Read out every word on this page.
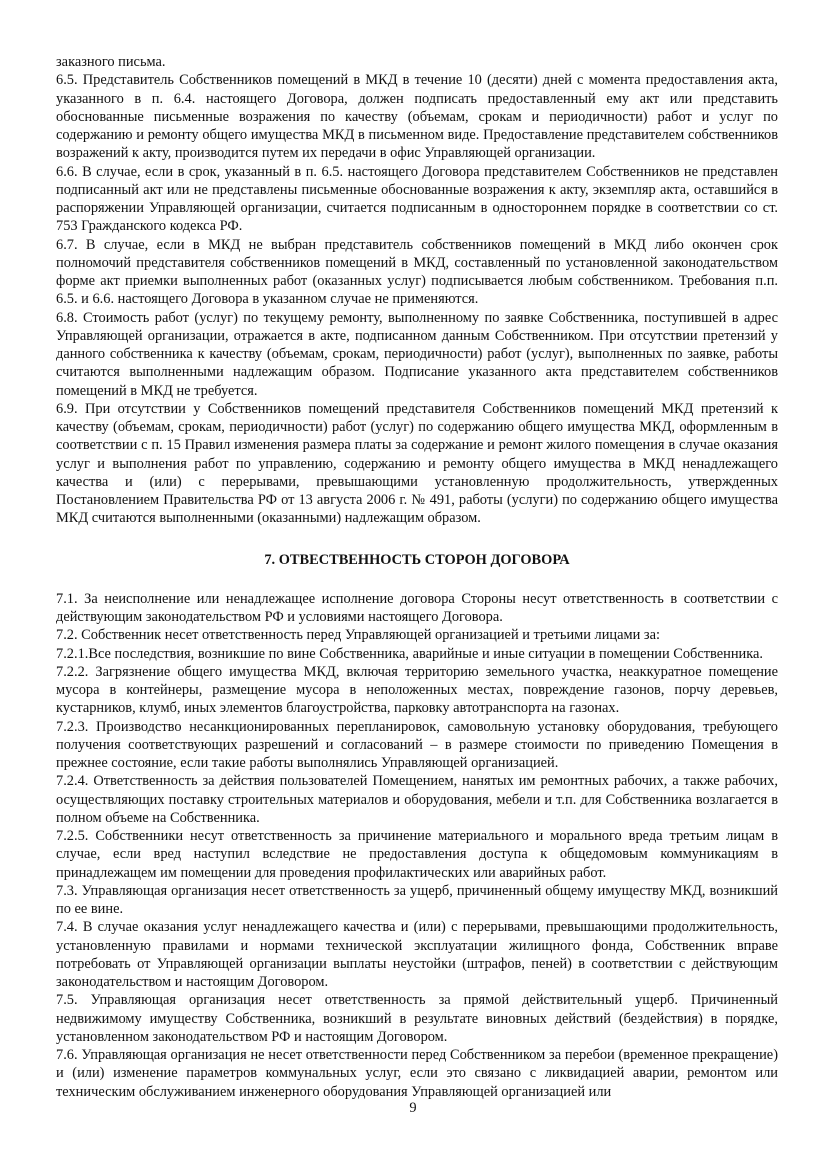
заказного письма.

6.5. Представитель Собственников помещений в МКД в течение 10 (десяти) дней с момента предоставления акта, указанного в п. 6.4. настоящего Договора, должен подписать предоставленный ему акт или представить обоснованные письменные возражения по качеству (объемам, срокам и периодичности) работ и услуг по содержанию и ремонту общего имущества МКД в письменном виде. Предоставление представителем собственников возражений к акту, производится путем их передачи в офис Управляющей организации.

6.6. В случае, если в срок, указанный в п. 6.5. настоящего Договора представителем Собственников не представлен подписанный акт или не представлены письменные обоснованные возражения к акту, экземпляр акта, оставшийся в распоряжении Управляющей организации, считается подписанным в одностороннем порядке в соответствии со ст. 753 Гражданского кодекса РФ.

6.7. В случае, если в МКД не выбран представитель собственников помещений в МКД либо окончен срок полномочий представителя собственников помещений в МКД, составленный по установленной законодательством форме акт приемки выполненных работ (оказанных услуг) подписывается любым собственником. Требования п.п. 6.5. и 6.6. настоящего Договора в указанном случае не применяются.

6.8. Стоимость работ (услуг) по текущему ремонту, выполненному по заявке Собственника, поступившей в адрес Управляющей организации, отражается в акте, подписанном данным Собственником. При отсутствии претензий у данного собственника к качеству (объемам, срокам, периодичности) работ (услуг), выполненных по заявке, работы считаются выполненными надлежащим образом. Подписание указанного акта представителем собственников помещений в МКД не требуется.

6.9. При отсутствии у Собственников помещений представителя Собственников помещений МКД претензий к качеству (объемам, срокам, периодичности) работ (услуг) по содержанию общего имущества МКД, оформленным в соответствии с п. 15 Правил изменения размера платы за содержание и ремонт жилого помещения в случае оказания услуг и выполнения работ по управлению, содержанию и ремонту общего имущества в МКД ненадлежащего качества и (или) с перерывами, превышающими установленную продолжительность, утвержденных Постановлением Правительства РФ от 13 августа 2006 г. № 491, работы (услуги) по содержанию общего имущества МКД считаются выполненными (оказанными) надлежащим образом.

7. ОТВЕСТВЕННОСТЬ СТОРОН ДОГОВОРА

7.1. За неисполнение или ненадлежащее исполнение договора Стороны несут ответственность в соответствии с действующим законодательством РФ и условиями настоящего Договора.

7.2. Собственник несет ответственность перед Управляющей организацией и третьими лицами за:

7.2.1.Все последствия, возникшие по вине Собственника, аварийные и иные ситуации в помещении Собственника.

7.2.2. Загрязнение общего имущества МКД, включая территорию земельного участка, неаккуратное помещение мусора в контейнеры, размещение мусора в неположенных местах, повреждение газонов, порчу деревьев, кустарников, клумб, иных элементов благоустройства, парковку автотранспорта на газонах.

7.2.3. Производство несанкционированных перепланировок, самовольную установку оборудования, требующего получения соответствующих разрешений и согласований – в размере стоимости по приведению Помещения в прежнее состояние, если такие работы выполнялись Управляющей организацией.

7.2.4. Ответственность за действия пользователей Помещением, нанятых им ремонтных рабочих, а также рабочих, осуществляющих поставку строительных материалов и оборудования, мебели и т.п. для Собственника возлагается в полном объеме на Собственника.

7.2.5. Собственники несут ответственность за причинение материального и морального вреда третьим лицам в случае, если вред наступил вследствие не предоставления доступа к общедомовым коммуникациям в принадлежащем им помещении для проведения профилактических или аварийных работ.

7.3. Управляющая организация несет ответственность за ущерб, причиненный общему имуществу МКД, возникший по ее вине.

7.4. В случае оказания услуг ненадлежащего качества и (или) с перерывами, превышающими продолжительность, установленную правилами и нормами технической эксплуатации жилищного фонда, Собственник вправе потребовать от Управляющей организации выплаты неустойки (штрафов, пеней) в соответствии с действующим законодательством и настоящим Договором.

7.5. Управляющая организация несет ответственность за прямой действительный ущерб. Причиненный недвижимому имуществу Собственника, возникший в результате виновных действий (бездействия) в порядке, установленном законодательством РФ и настоящим Договором.

7.6. Управляющая организация не несет ответственности перед Собственником за перебои (временное прекращение) и (или) изменение параметров коммунальных услуг, если это связано с ликвидацией аварии, ремонтом или техническим обслуживанием инженерного оборудования Управляющей организацией или

9
